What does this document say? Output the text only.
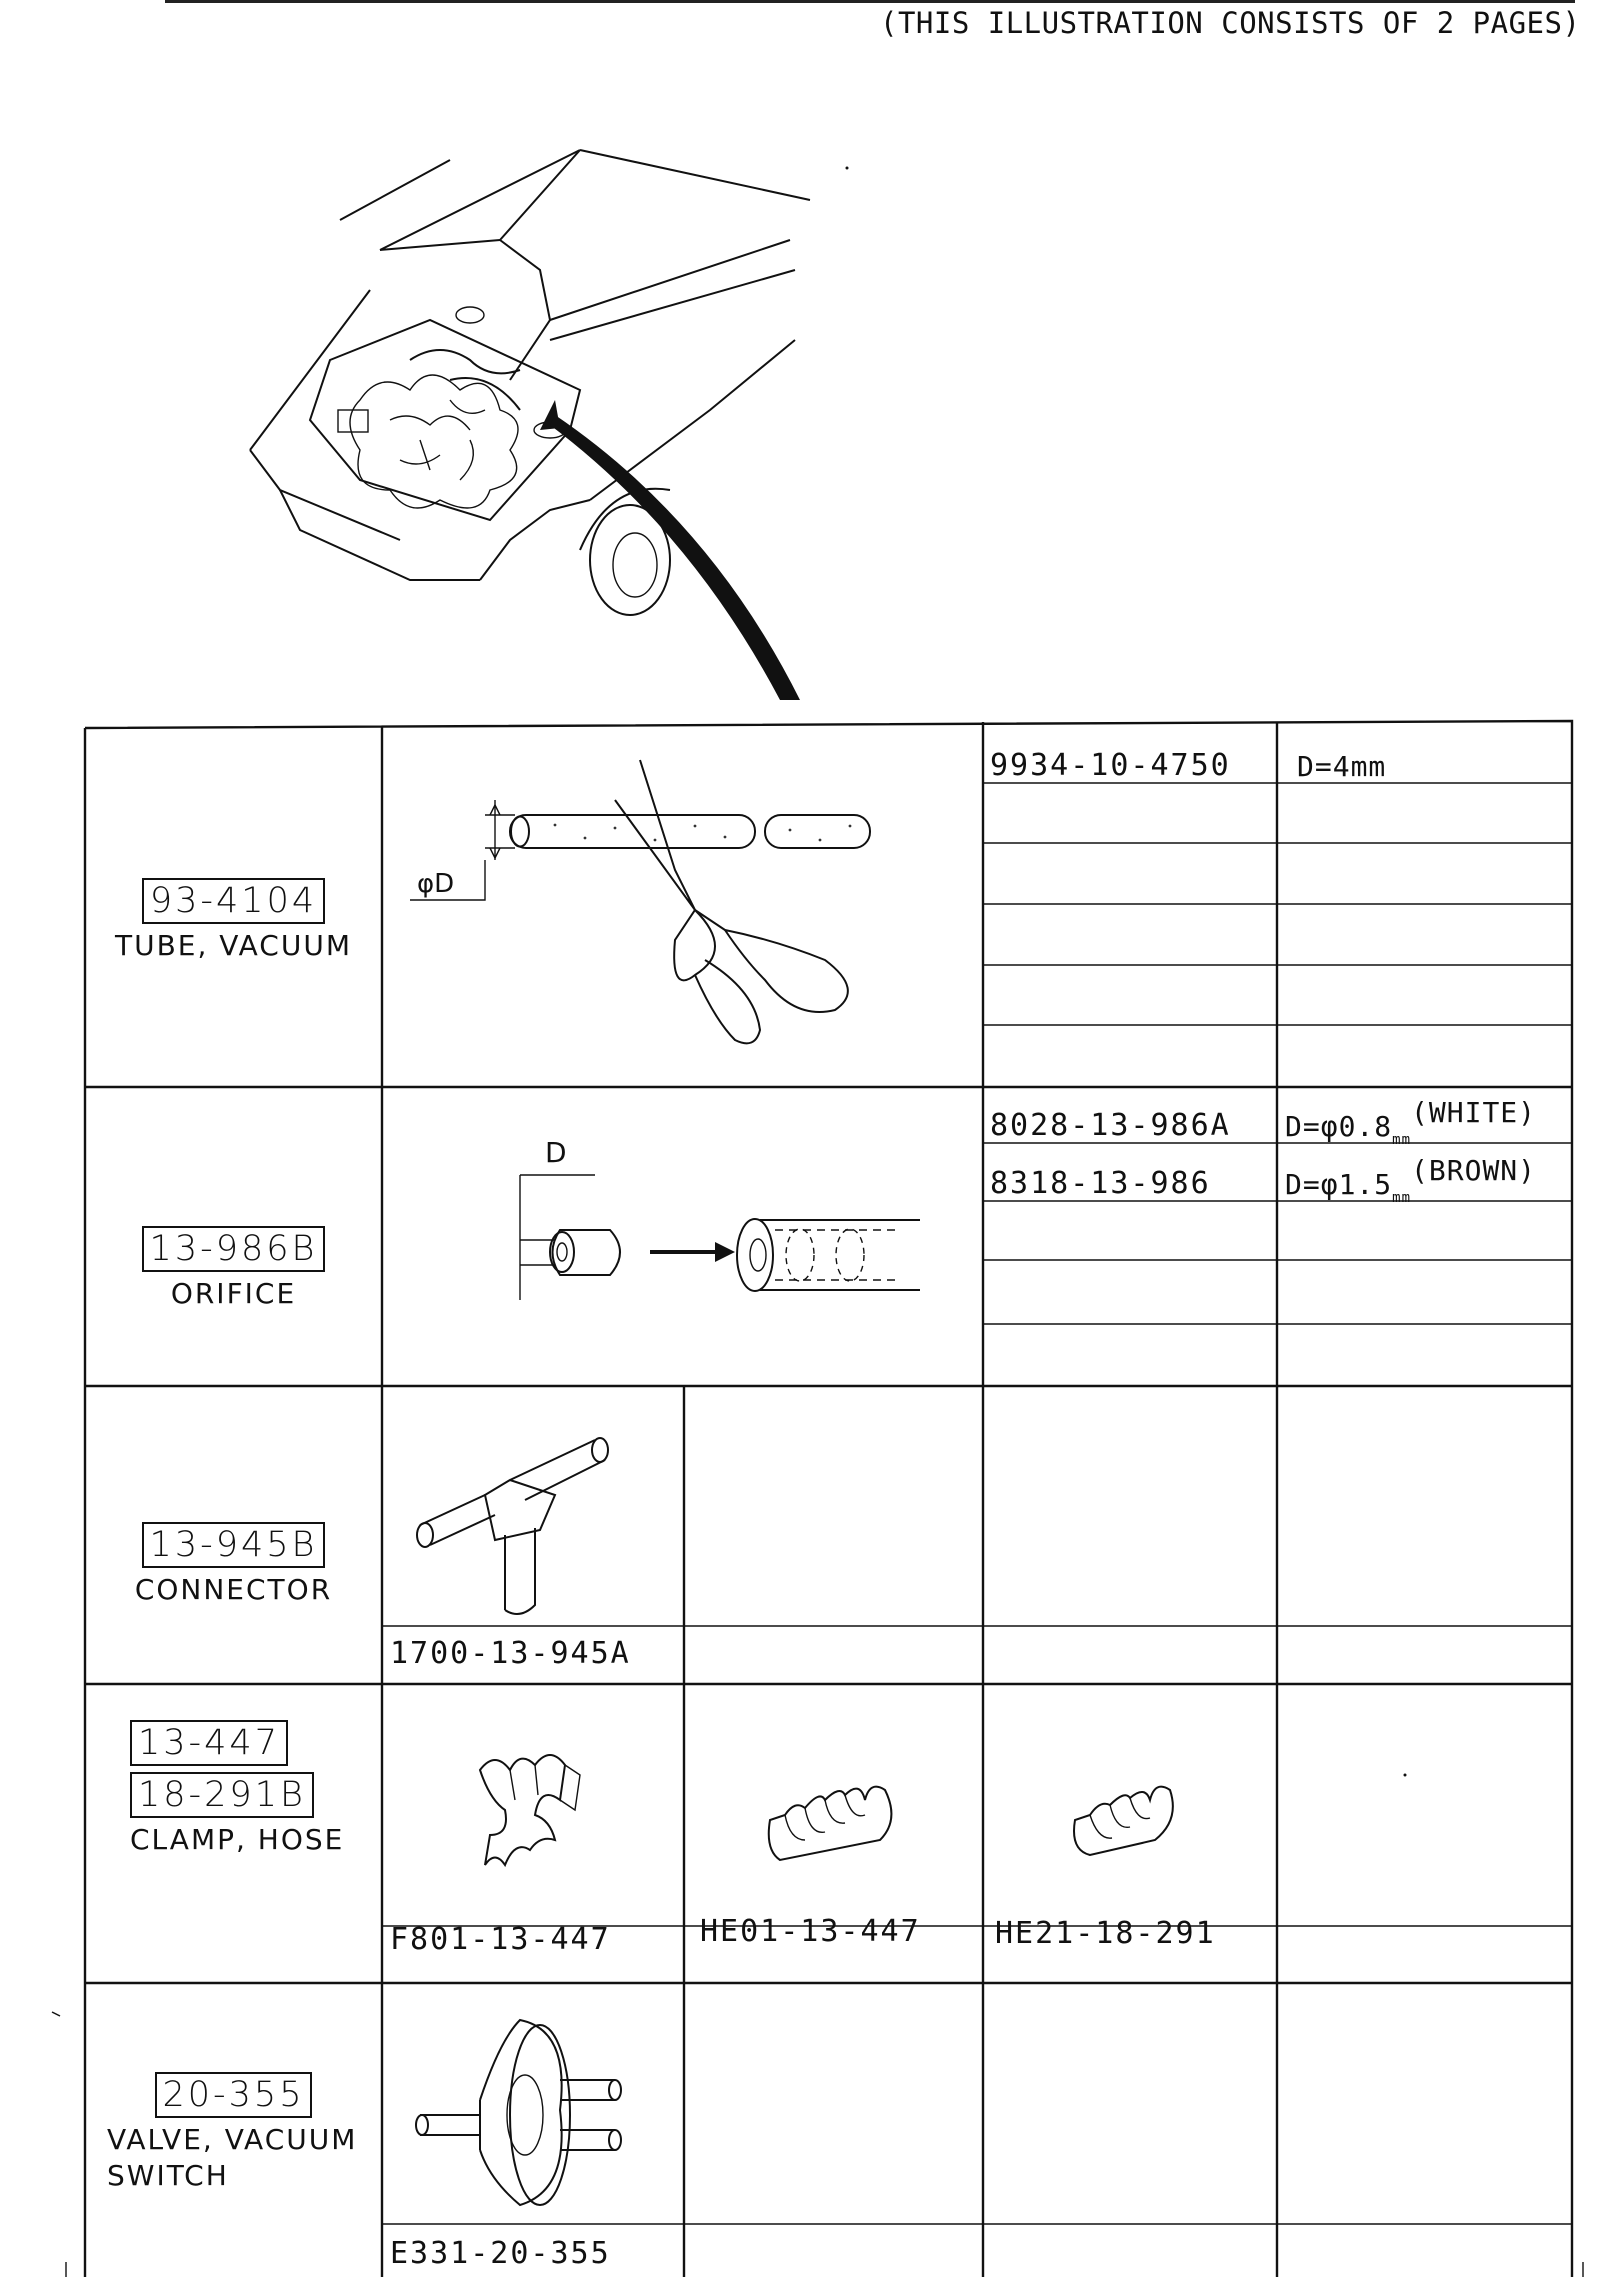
(THIS ILLUSTRATION CONSISTS OF 2 PAGES)
93-4104
TUBE, VACUUM
φD
9934-10-4750 D=4mm
13-986B
ORIFICE
D
8028-13-986A $D=\varphi 0.8_{mm}(WHITE)$
8318-13-986	$D=\varphi 1.5_{mm}(BROWN)$
13-945B
CONNECTOR
1700-13-945A
13-447
18-291B
CLAMP, HOSE
F801-13-447	HE01-13-447 HE21-18-291
20-355
VALVE, VACUUM
SWITCH
E331-20-355
